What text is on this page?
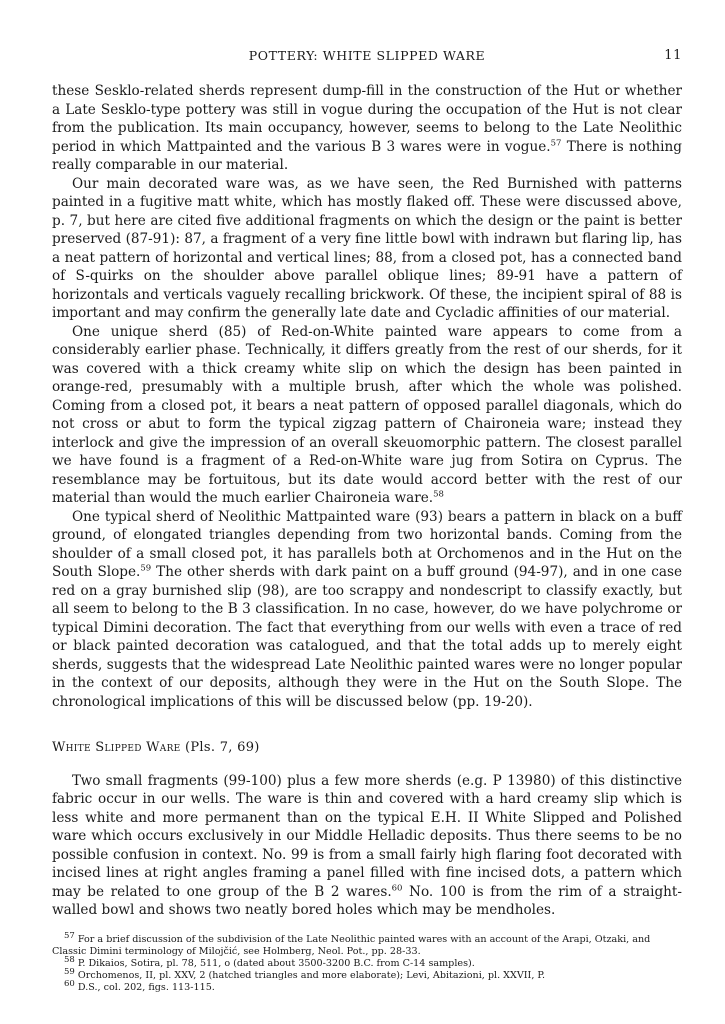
POTTERY: WHITE SLIPPED WARE	11

these Sesklo-related sherds represent dump-fill in the construction of the Hut or whether a Late Sesklo-type pottery was still in vogue during the occupation of the Hut is not clear from the publication. Its main occupancy, however, seems to belong to the Late Neolithic period in which Mattpainted and the various B 3 wares were in vogue.$^{57}$ There is nothing really comparable in our material.

Our main decorated ware was, as we have seen, the Red Burnished with patterns painted in a fugitive matt white, which has mostly flaked off. These were discussed above, p. 7, but here are cited five additional fragments on which the design or the paint is better preserved (87-91): 87, a fragment of a very fine little bowl with indrawn but flaring lip, has a neat pattern of horizontal and vertical lines; 88, from a closed pot, has a connected band of S-quirks on the shoulder above parallel oblique lines; 89-91 have a pattern of horizontals and verticals vaguely recalling brickwork. Of these, the incipient spiral of 88 is important and may confirm the generally late date and Cycladic affinities of our material.

One unique sherd (85) of Red-on-White painted ware appears to come from a considerably earlier phase. Technically, it differs greatly from the rest of our sherds, for it was covered with a thick creamy white slip on which the design has been painted in orange-red, presumably with a multiple brush, after which the whole was polished. Coming from a closed pot, it bears a neat pattern of opposed parallel diagonals, which do not cross or abut to form the typical zigzag pattern of Chaironeia ware; instead they interlock and give the impression of an overall skeuomorphic pattern. The closest parallel we have found is a fragment of a Red-on-White ware jug from Sotira on Cyprus. The resemblance may be fortuitous, but its date would accord better with the rest of our material than would the much earlier Chaironeia ware.$^{58}$

One typical sherd of Neolithic Mattpainted ware (93) bears a pattern in black on a buff ground, of elongated triangles depending from two horizontal bands. Coming from the shoulder of a small closed pot, it has parallels both at Orchomenos and in the Hut on the South Slope.$^{59}$ The other sherds with dark paint on a buff ground (94-97), and in one case red on a gray burnished slip (98), are too scrappy and nondescript to classify exactly, but all seem to belong to the B 3 classification. In no case, however, do we have polychrome or typical Dimini decoration. The fact that everything from our wells with even a trace of red or black painted decoration was catalogued, and that the total adds up to merely eight sherds, suggests that the widespread Late Neolithic painted wares were no longer popular in the context of our deposits, although they were in the Hut on the South Slope. The chronological implications of this will be discussed below (pp. 19-20).

White Slipped Ware (Pls. 7, 69)

Two small fragments (99-100) plus a few more sherds (e.g. P 13980) of this distinctive fabric occur in our wells. The ware is thin and covered with a hard creamy slip which is less white and more permanent than on the typical E.H. II White Slipped and Polished ware which occurs exclusively in our Middle Helladic deposits. Thus there seems to be no possible confusion in context. No. 99 is from a small fairly high flaring foot decorated with incised lines at right angles framing a panel filled with fine incised dots, a pattern which may be related to one group of the B 2 wares.$^{60}$ No. 100 is from the rim of a straight-walled bowl and shows two neatly bored holes which may be mendholes.

$^{57}$ For a brief discussion of the subdivision of the Late Neolithic painted wares with an account of the Arapi, Otzaki, and Classic Dimini terminology of Milojčić, see Holmberg, Neol. Pot., pp. 28-33.
$^{58}$ P. Dikaios, Sotira, pl. 78, 511, o (dated about 3500-3200 B.C. from C-14 samples).
$^{59}$ Orchomenos, II, pl. XXV, 2 (hatched triangles and more elaborate); Levi, Abitazioni, pl. XXVII, P.
$^{60}$ D.S., col. 202, figs. 113-115.
